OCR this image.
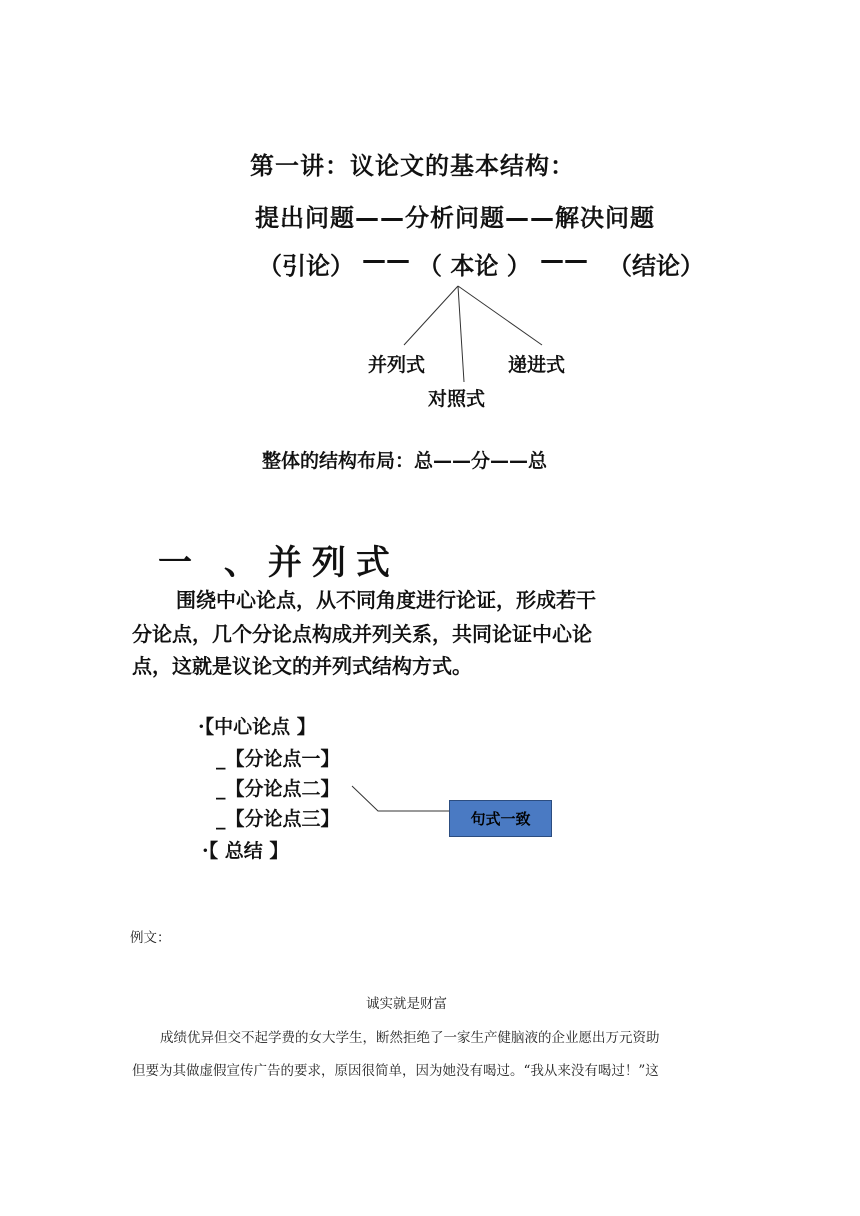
第一讲：议论文的基本结构：
提出问题——分析问题——解决问题
（引论） —— （ 本论 ） —— （结论）
并列式
对照式
递进式
整体的结构布局：总——分——总
一 、并列式
围绕中心论点，从不同角度进行论证，形成若干
分论点，几个分论点构成并列关系，共同论证中心论
点，这就是议论文的并列式结构方式。
·【中心论点 】
_【分论点一】
_【分论点二】
_【分论点三】
·【 总结 】
句式一致
例文：
诚实就是财富
成绩优异但交不起学费的女大学生，断然拒绝了一家生产健脑液的企业愿出万元资助
但要为其做虚假宣传广告的要求，原因很简单，因为她没有喝过。“我从来没有喝过！”这
